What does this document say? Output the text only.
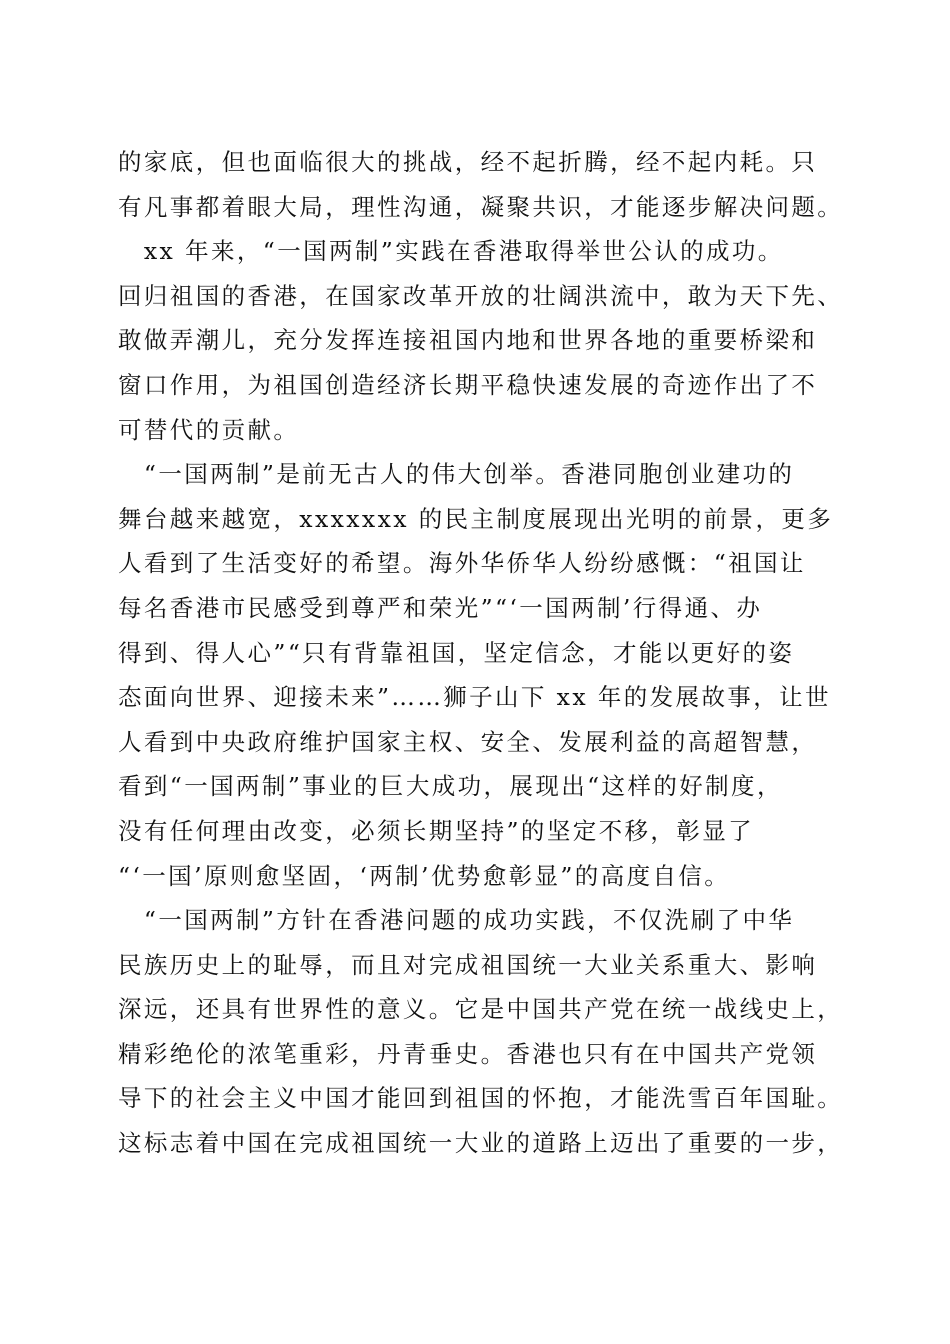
的家底，但也面临很大的挑战，经不起折腾，经不起内耗。只
有凡事都着眼大局，理性沟通，凝聚共识，才能逐步解决问题。
　xx 年来，“一国两制”实践在香港取得举世公认的成功。
回归祖国的香港，在国家改革开放的壮阔洪流中，敢为天下先、
敢做弄潮儿，充分发挥连接祖国内地和世界各地的重要桥梁和
窗口作用，为祖国创造经济长期平稳快速发展的奇迹作出了不
可替代的贡献。
　“一国两制”是前无古人的伟大创举。香港同胞创业建功的
舞台越来越宽，xxxxxxx 的民主制度展现出光明的前景，更多
人看到了生活变好的希望。海外华侨华人纷纷感慨：“祖国让
每名香港市民感受到尊严和荣光”“‘一国两制’行得通、办
得到、得人心”“只有背靠祖国，坚定信念，才能以更好的姿
态面向世界、迎接未来”……狮子山下 xx 年的发展故事，让世
人看到中央政府维护国家主权、安全、发展利益的高超智慧，
看到“一国两制”事业的巨大成功，展现出“这样的好制度，
没有任何理由改变，必须长期坚持”的坚定不移，彰显了
“‘一国’原则愈坚固，‘两制’优势愈彰显”的高度自信。
　“一国两制”方针在香港问题的成功实践，不仅洗刷了中华
民族历史上的耻辱，而且对完成祖国统一大业关系重大、影响
深远，还具有世界性的意义。它是中国共产党在统一战线史上，
精彩绝伦的浓笔重彩，丹青垂史。香港也只有在中国共产党领
导下的社会主义中国才能回到祖国的怀抱，才能洗雪百年国耻。
这标志着中国在完成祖国统一大业的道路上迈出了重要的一步，
